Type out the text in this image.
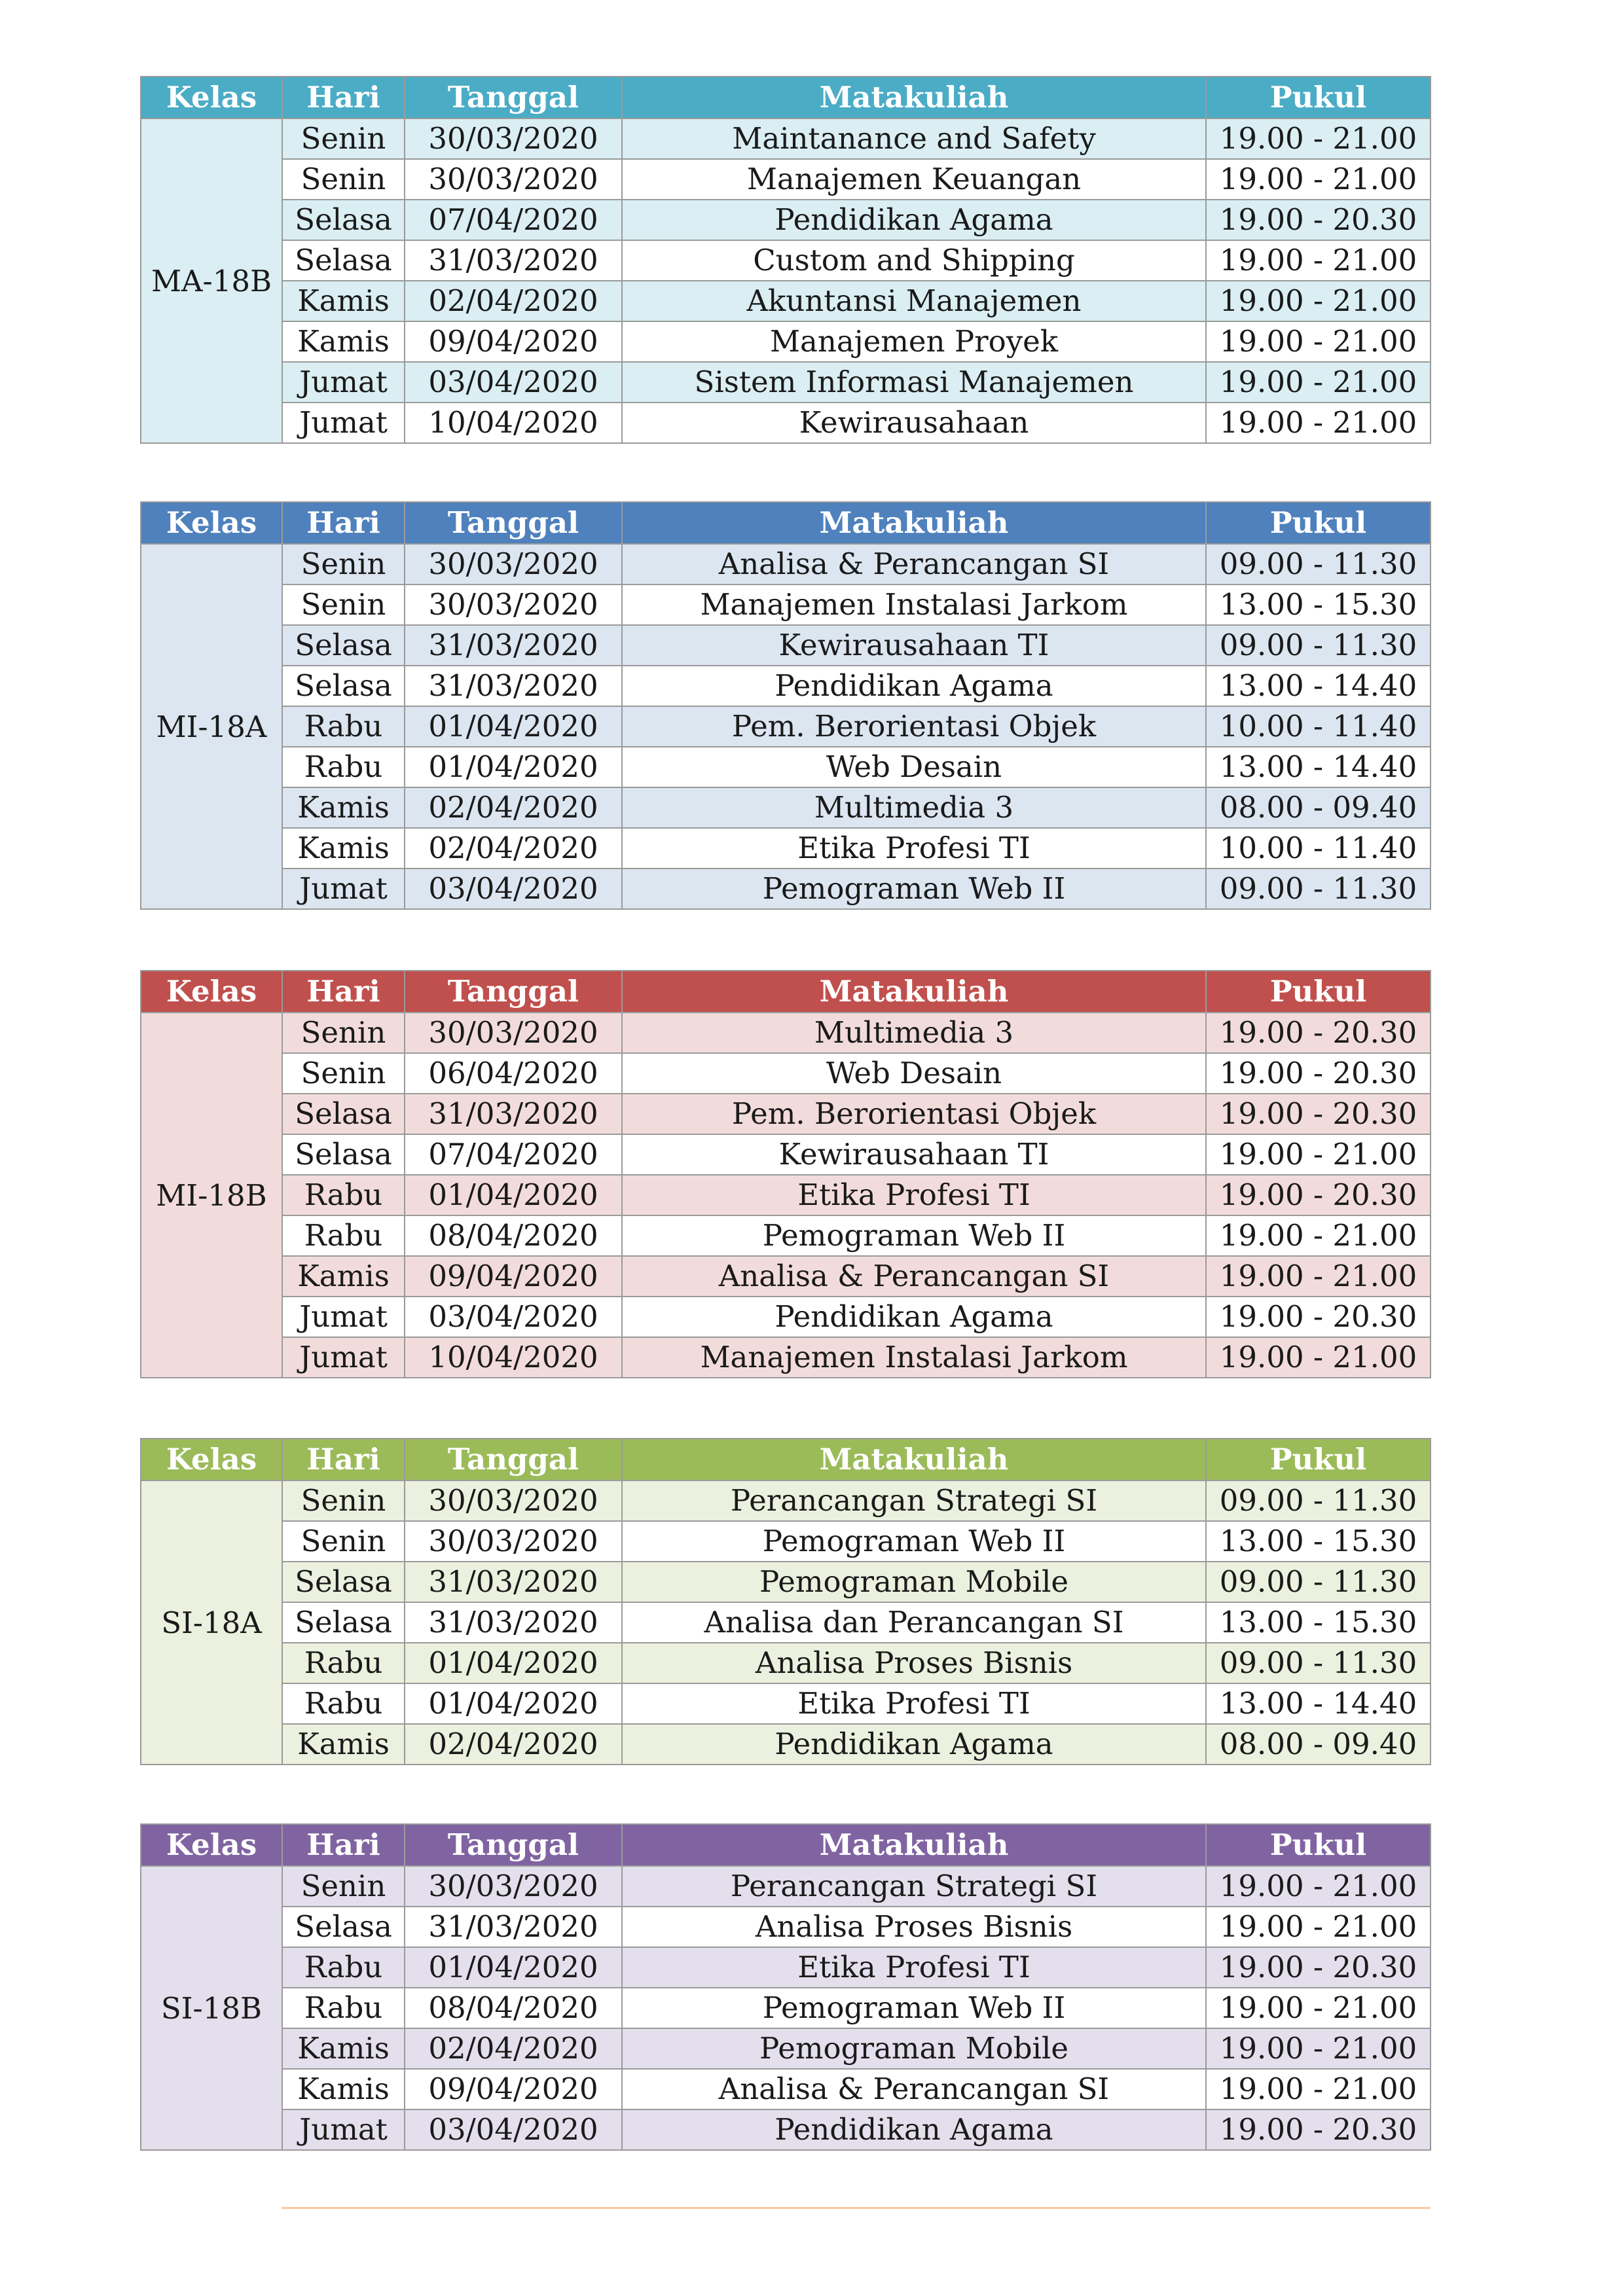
Kelas	Hari	Tanggal	Matakuliah	Pukul
MA-18B	Senin	30/03/2020	Maintanance and Safety	19.00 - 21.00
	Senin	30/03/2020	Manajemen Keuangan	19.00 - 21.00
	Selasa	07/04/2020	Pendidikan Agama	19.00 - 20.30
	Selasa	31/03/2020	Custom and Shipping	19.00 - 21.00
	Kamis	02/04/2020	Akuntansi Manajemen	19.00 - 21.00
	Kamis	09/04/2020	Manajemen Proyek	19.00 - 21.00
	Jumat	03/04/2020	Sistem Informasi Manajemen	19.00 - 21.00
	Jumat	10/04/2020	Kewirausahaan	19.00 - 21.00
Kelas	Hari	Tanggal	Matakuliah	Pukul
MI-18A	Senin	30/03/2020	Analisa & Perancangan SI	09.00 - 11.30
	Senin	30/03/2020	Manajemen Instalasi Jarkom	13.00 - 15.30
	Selasa	31/03/2020	Kewirausahaan TI	09.00 - 11.30
	Selasa	31/03/2020	Pendidikan Agama	13.00 - 14.40
	Rabu	01/04/2020	Pem. Berorientasi Objek	10.00 - 11.40
	Rabu	01/04/2020	Web Desain	13.00 - 14.40
	Kamis	02/04/2020	Multimedia 3	08.00 - 09.40
	Kamis	02/04/2020	Etika Profesi TI	10.00 - 11.40
	Jumat	03/04/2020	Pemograman Web II	09.00 - 11.30
Kelas	Hari	Tanggal	Matakuliah	Pukul
MI-18B	Senin	30/03/2020	Multimedia 3	19.00 - 20.30
	Senin	06/04/2020	Web Desain	19.00 - 20.30
	Selasa	31/03/2020	Pem. Berorientasi Objek	19.00 - 20.30
	Selasa	07/04/2020	Kewirausahaan TI	19.00 - 21.00
	Rabu	01/04/2020	Etika Profesi TI	19.00 - 20.30
	Rabu	08/04/2020	Pemograman Web II	19.00 - 21.00
	Kamis	09/04/2020	Analisa & Perancangan SI	19.00 - 21.00
	Jumat	03/04/2020	Pendidikan Agama	19.00 - 20.30
	Jumat	10/04/2020	Manajemen Instalasi Jarkom	19.00 - 21.00
Kelas	Hari	Tanggal	Matakuliah	Pukul
SI-18A	Senin	30/03/2020	Perancangan Strategi SI	09.00 - 11.30
	Senin	30/03/2020	Pemograman Web II	13.00 - 15.30
	Selasa	31/03/2020	Pemograman Mobile	09.00 - 11.30
	Selasa	31/03/2020	Analisa dan Perancangan SI	13.00 - 15.30
	Rabu	01/04/2020	Analisa Proses Bisnis	09.00 - 11.30
	Rabu	01/04/2020	Etika Profesi TI	13.00 - 14.40
	Kamis	02/04/2020	Pendidikan Agama	08.00 - 09.40
Kelas	Hari	Tanggal	Matakuliah	Pukul
SI-18B	Senin	30/03/2020	Perancangan Strategi SI	19.00 - 21.00
	Selasa	31/03/2020	Analisa Proses Bisnis	19.00 - 21.00
	Rabu	01/04/2020	Etika Profesi TI	19.00 - 20.30
	Rabu	08/04/2020	Pemograman Web II	19.00 - 21.00
	Kamis	02/04/2020	Pemograman Mobile	19.00 - 21.00
	Kamis	09/04/2020	Analisa & Perancangan SI	19.00 - 21.00
	Jumat	03/04/2020	Pendidikan Agama	19.00 - 20.30
